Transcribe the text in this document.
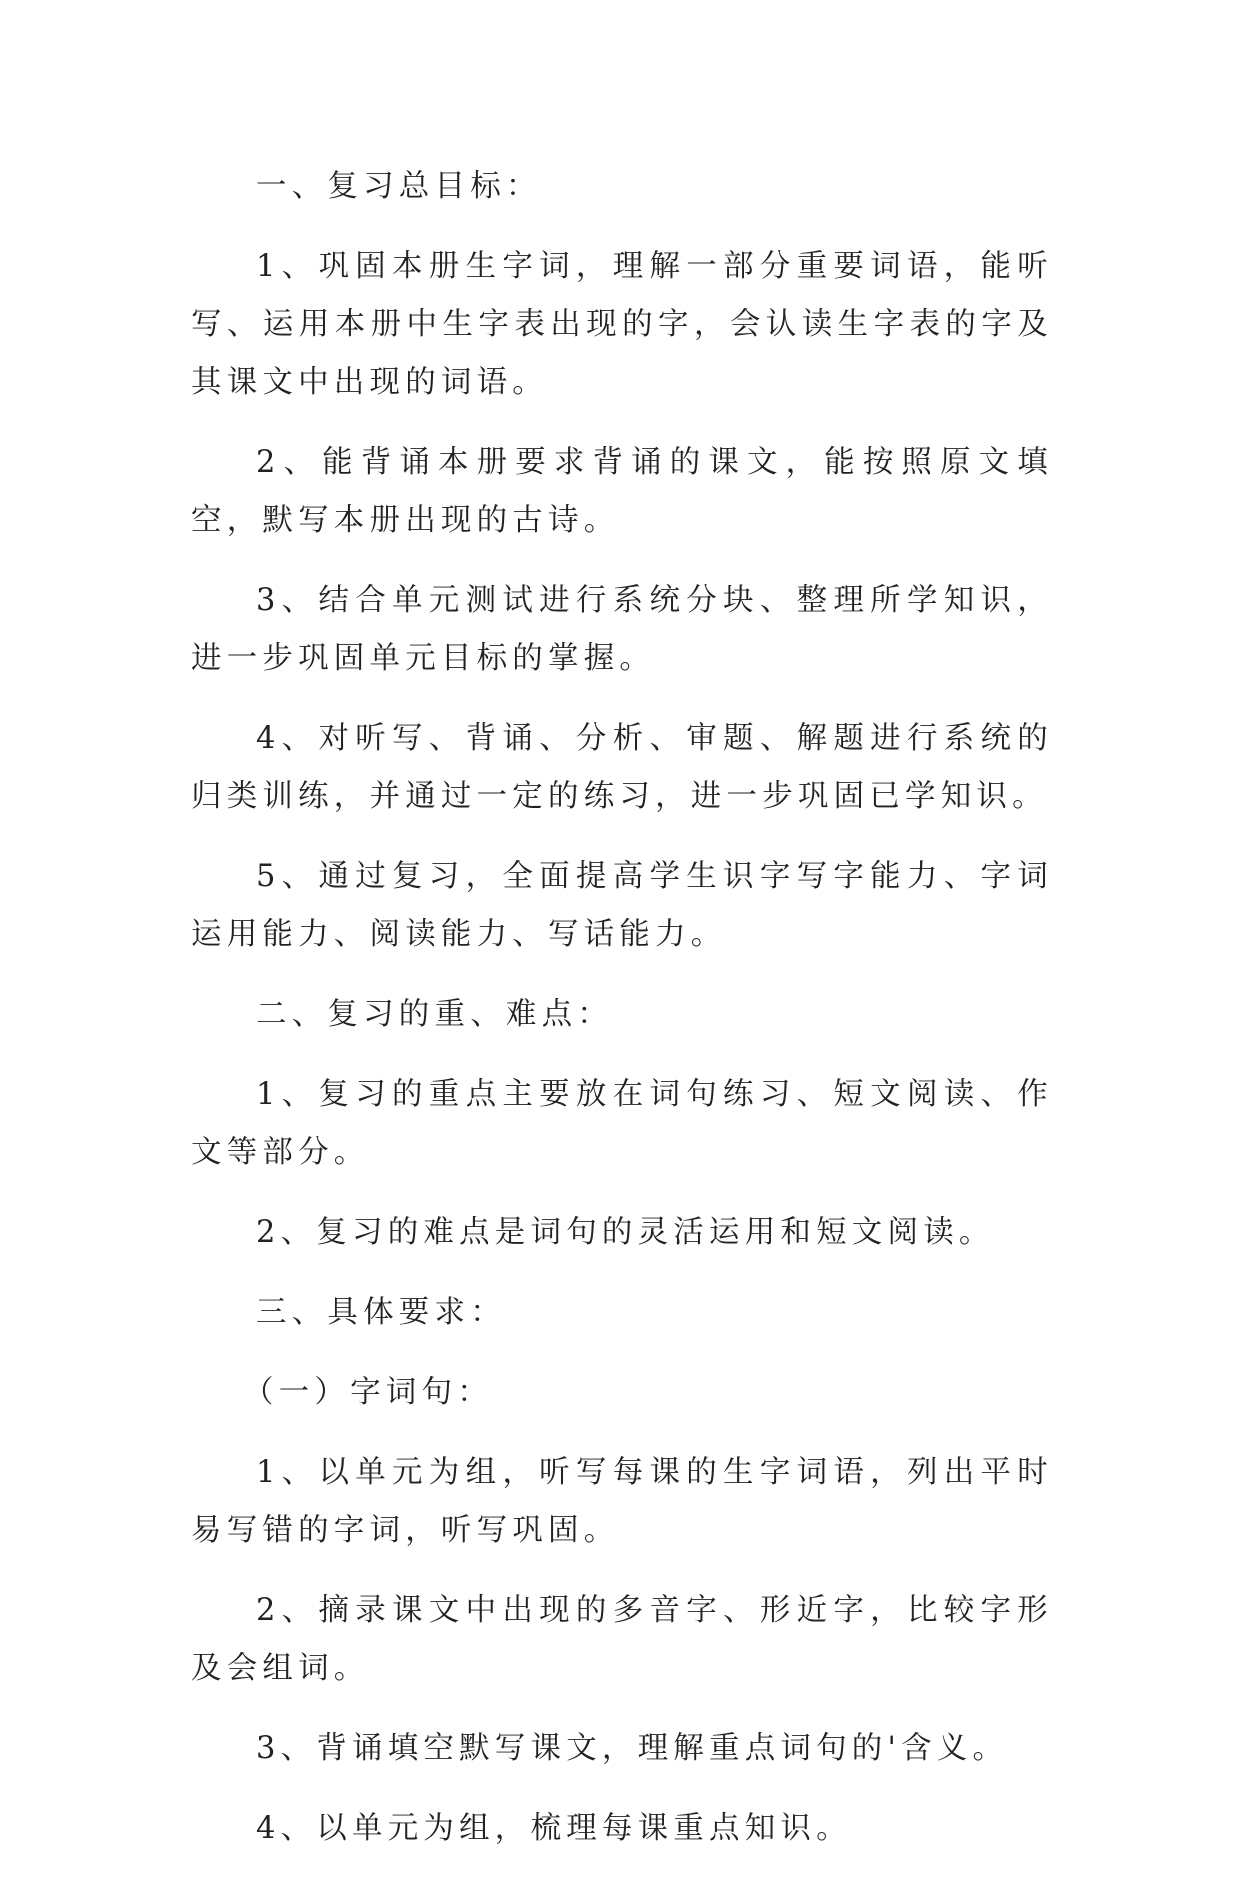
一、复习总目标：

1、巩固本册生字词，理解一部分重要词语，能听写、运用本册中生字表出现的字，会认读生字表的字及其课文中出现的词语。

2、能背诵本册要求背诵的课文，能按照原文填空，默写本册出现的古诗。

3、结合单元测试进行系统分块、整理所学知识，进一步巩固单元目标的掌握。

4、对听写、背诵、分析、审题、解题进行系统的归类训练，并通过一定的练习，进一步巩固已学知识。

5、通过复习，全面提高学生识字写字能力、字词运用能力、阅读能力、写话能力。

二、复习的重、难点：

1、复习的重点主要放在词句练习、短文阅读、作文等部分。

2、复习的难点是词句的灵活运用和短文阅读。

三、具体要求：

（一）字词句：

1、以单元为组，听写每课的生字词语，列出平时易写错的字词，听写巩固。

2、摘录课文中出现的多音字、形近字，比较字形及会组词。

3、背诵填空默写课文，理解重点词句的'含义。

4、以单元为组，梳理每课重点知识。
